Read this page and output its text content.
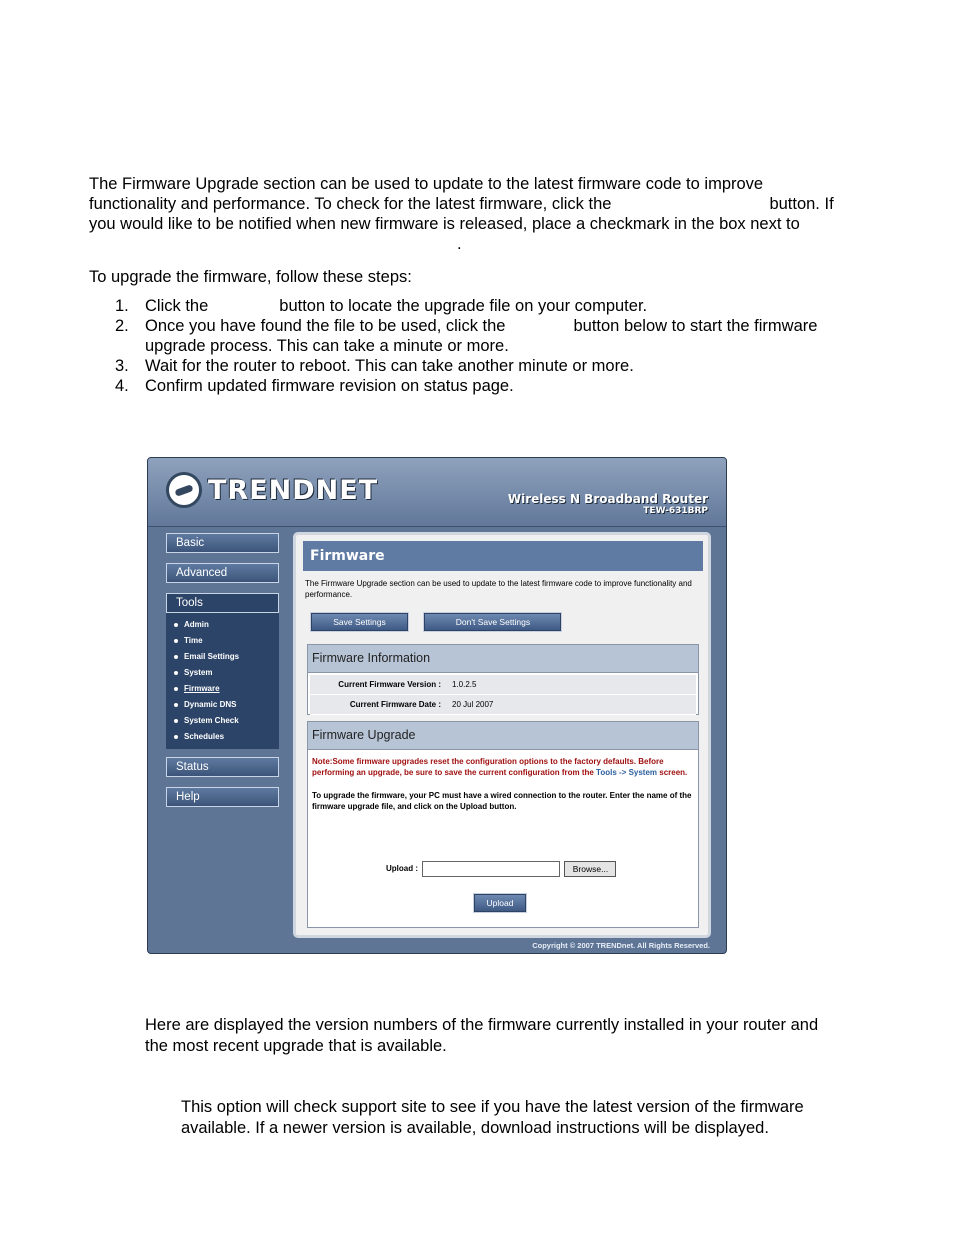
The Firmware Upgrade section can be used to update to the latest firmware code to improve
functionality and performance. To check for the latest firmware, click the	button. If
you would like to be notified when new firmware is released, place a checkmark in the box next to
.
To upgrade the firmware, follow these steps:
1. Click the	button to locate the upgrade file on your computer.
2. Once you have found the file to be used, click the	button below to start the firmware
upgrade process. This can take a minute or more.
3. Wait for the router to reboot. This can take another minute or more.
4. Confirm updated firmware revision on status page.
TRENDNET	Wireless N Broadband Router
TEW-631BRP
Basic
Advanced
Tools
Admin
Time
Email Settings
System
Firmware
Dynamic DNS
System Check
Schedules
Status
Help
Firmware
The Firmware Upgrade section can be used to update to the latest firmware code to improve functionality and performance.
Save Settings	Don't Save Settings
Firmware Information
Current Firmware Version : 1.0.2.5
Current Firmware Date : 20 Jul 2007
Firmware Upgrade
Note:Some firmware upgrades reset the configuration options to the factory defaults. Before performing an upgrade, be sure to save the current configuration from the Tools -> System screen.
To upgrade the firmware, your PC must have a wired connection to the router. Enter the name of the firmware upgrade file, and click on the Upload button.
Upload :	Browse...
Upload
Copyright © 2007 TRENDnet. All Rights Reserved.
Here are displayed the version numbers of the firmware currently installed in your router and
the most recent upgrade that is available.
This option will check support site to see if you have the latest version of the firmware
available. If a newer version is available, download instructions will be displayed.
